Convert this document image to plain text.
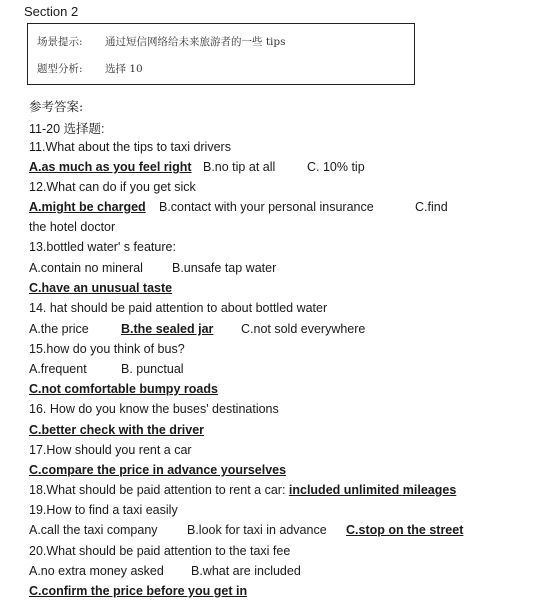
Section 2
场景提示: 通过短信网络给未来旅游者的一些 tips
题型分析: 选择 10
参考答案:
11-20 选择题:
11.What about the tips to taxi drivers
A.as much as you feel right B.no tip at all	C. 10% tip
12.What can do if you get sick
A.might be charged B.contact with your personal insurance	C.find
the hotel doctor
13.bottled water' s feature:
A.contain no mineral B.unsafe tap water
C.have an unusual taste
14. hat should be paid attention to about bottled water
A.the price	B.the sealed jar C.not sold everywhere
15.how do you think of bus?
A.frequent	B. punctual
C.not comfortable bumpy roads
16. How do you know the buses' destinations
C.better check with the driver
17.How should you rent a car
C.compare the price in advance yourselves
18.What should be paid attention to rent a car: included unlimited mileages
19.How to find a taxi easily
A.call the taxi company B.look for taxi in advance C.stop on the street
20.What should be paid attention to the taxi fee
A.no extra money asked B.what are included
C.confirm the price before you get in
